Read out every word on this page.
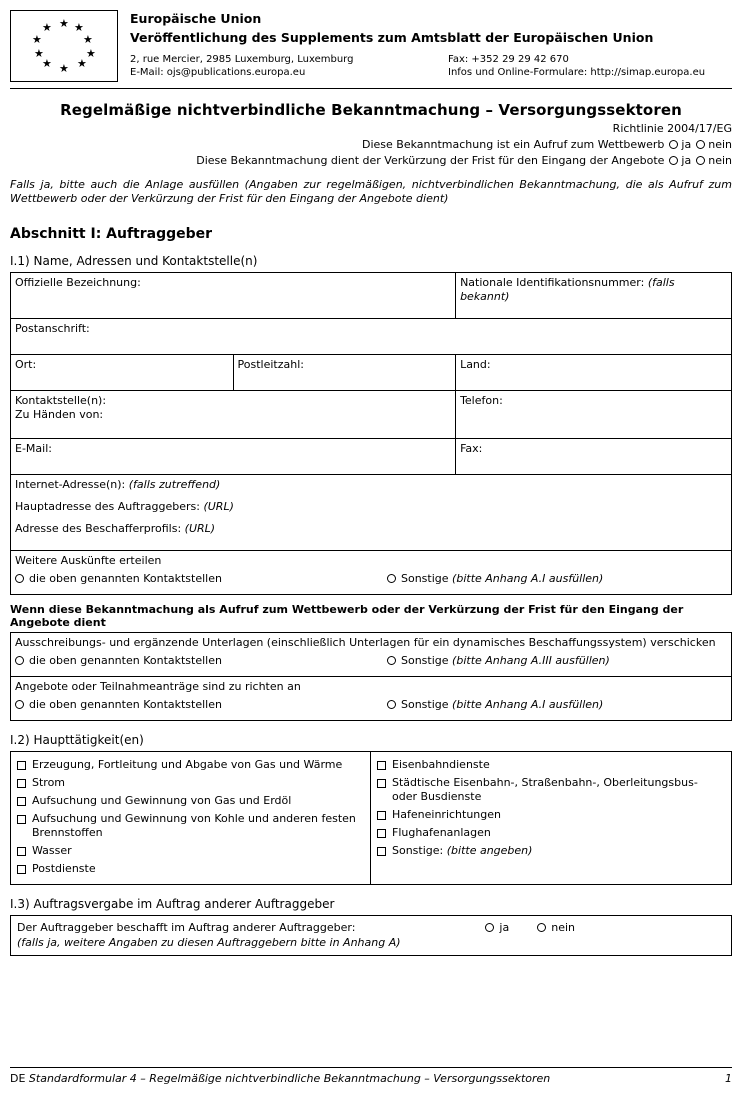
★ ★
★
★
★
★
★
★
★
★
Europäische Union
Veröffentlichung des Supplements zum Amtsblatt der Europäischen Union
2, rue Mercier, 2985 Luxemburg, Luxemburg
E-Mail: ojs@publications.europa.eu
Fax: +352 29 29 42 670
Infos und Online-Formulare: http://simap.europa.eu
Regelmäßige nichtverbindliche Bekanntmachung – Versorgungssektoren
Richtlinie 2004/17/EG
Diese Bekanntmachung ist ein Aufruf zum Wettbewerb ja nein
Diese Bekanntmachung dient der Verkürzung der Frist für den Eingang der Angebote ja nein
Falls ja, bitte auch die Anlage ausfüllen (Angaben zur regelmäßigen, nichtverbindlichen Bekanntmachung, die als Aufruf zum Wettbewerb oder der Verkürzung der Frist für den Eingang der Angebote dient)
Abschnitt I: Auftraggeber
I.1) Name, Adressen und Kontaktstelle(n)
Offizielle Bezeichnung:		Nationale Identifikationsnummer: (falls bekannt)
Postanschrift:		
Ort:	Postleitzahl:	Land:

Kontaktstelle(n):
Zu Händen von:		Telefon:
E-Mail:		Fax:

Internet-Adresse(n): (falls zutreffend)
Hauptadresse des Auftraggebers: (URL)
Adresse des Beschafferprofils: (URL)		

Weitere Auskünfte erteilen
die oben genannten Kontaktstellen Sonstige (bitte Anhang A.I ausfüllen)		
Wenn diese Bekanntmachung als Aufruf zum Wettbewerb oder der Verkürzung der Frist für den Eingang der Angebote dient
Ausschreibungs- und ergänzende Unterlagen (einschließlich Unterlagen für ein dynamisches Beschaffungssystem) verschicken
die oben genannten Kontaktstellen	Sonstige (bitte Anhang A.III ausfüllen)

Angebote oder Teilnahmeanträge sind zu richten an
die oben genannten Kontaktstellen	Sonstige (bitte Anhang A.I ausfüllen)
I.2) Haupttätigkeit(en)
Erzeugung, Fortleitung und Abgabe von Gas und Wärme
Strom
Aufsuchung und Gewinnung von Gas und Erdöl
Aufsuchung und Gewinnung von Kohle und anderen festen Brennstoffen
Wasser
Postdienste
Eisenbahndienste
Städtische Eisenbahn-, Straßenbahn-, Oberleitungsbus- oder Busdienste
Hafeneinrichtungen
Flughafenanlagen
Sonstige: (bitte angeben)
I.3) Auftragsvergabe im Auftrag anderer Auftraggeber
Der Auftraggeber beschafft im Auftrag anderer Auftraggeber:	ja	nein
(falls ja, weitere Angaben zu diesen Auftraggebern bitte in Anhang A)
DE Standardformular 4 – Regelmäßige nichtverbindliche Bekanntmachung – Versorgungssektoren	1
